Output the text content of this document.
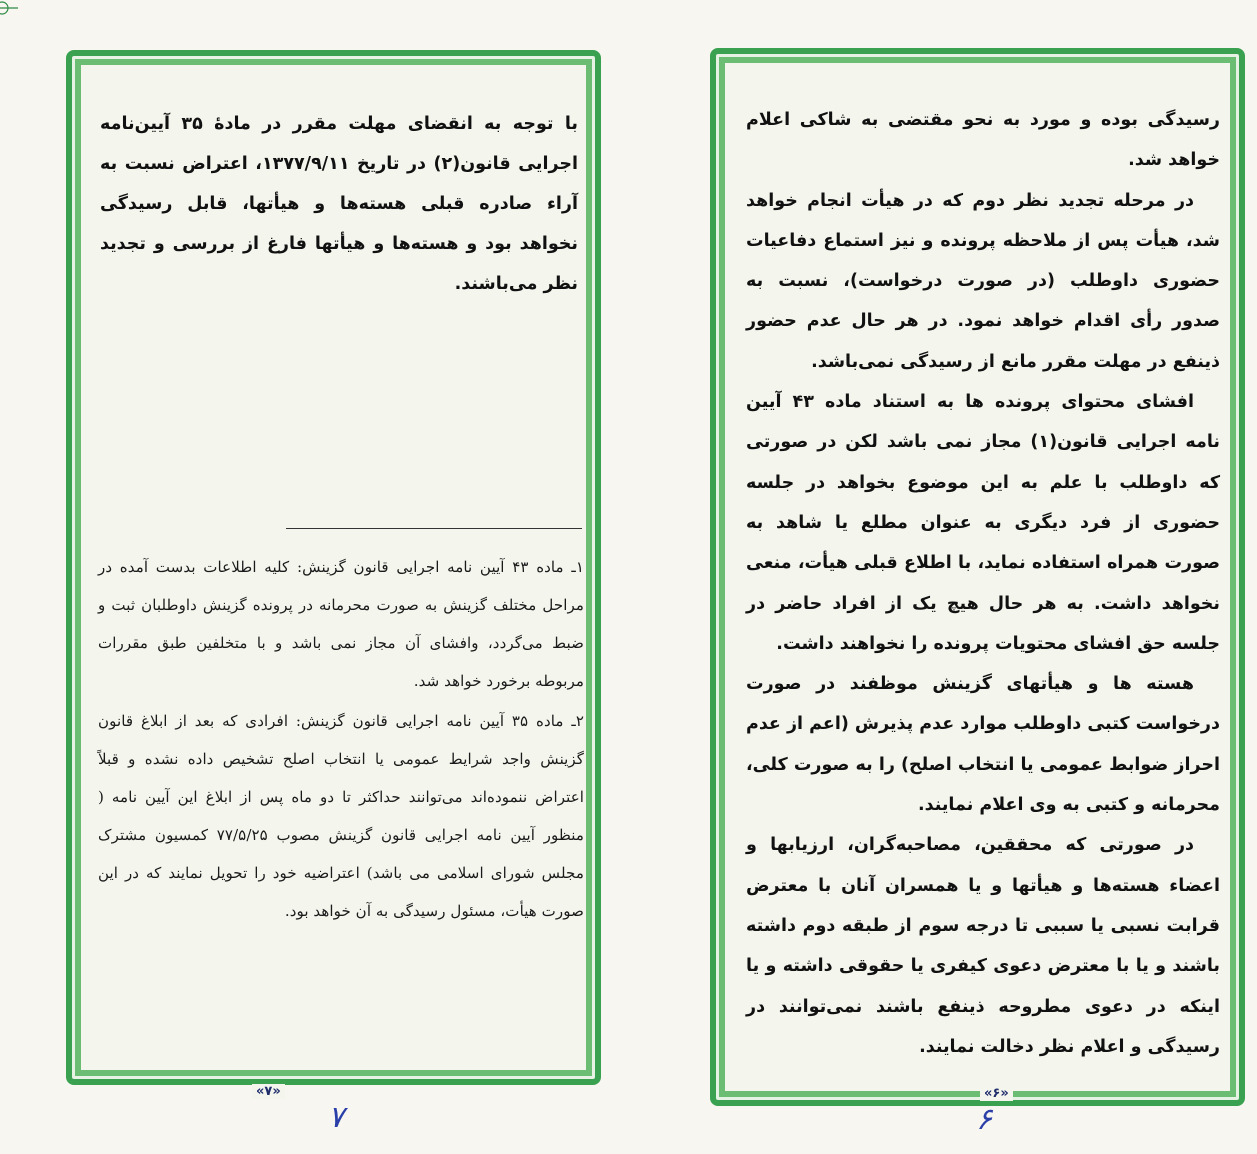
با توجه به انقضای مهلت مقرر در مادۀ ۳۵ آیین‌نامه اجرایی قانون(۲) در تاریخ ۱۳۷۷/۹/۱۱، اعتراض نسبت به آراء صادره قبلی هسته‌ها و هیأتها، قابل رسیدگی نخواهد بود و هسته‌ها و هیأتها فارغ از بررسی و تجدید نظر می‌باشند.

۱ـ ماده ۴۳ آیین نامه اجرایی قانون گزینش: کلیه اطلاعات بدست آمده در مراحل مختلف گزینش به صورت محرمانه در پرونده گزینش داوطلبان ثبت و ضبط می‌گردد، وافشای آن مجاز نمی باشد و با متخلفین طبق مقررات مربوطه برخورد خواهد شد.

۲ـ ماده ۳۵ آیین نامه اجرایی قانون گزینش: افرادی که بعد از ابلاغ قانون گزینش واجد شرایط عمومی یا انتخاب اصلح تشخیص داده نشده و قبلاً اعتراض ننموده‌اند می‌توانند حداکثر تا دو ماه پس از ابلاغ این آیین نامه ( منظور آیین نامه اجرایی قانون گزینش مصوب ۷۷/۵/۲۵ کمسیون مشترک مجلس شورای اسلامی می باشد) اعتراضیه خود را تحویل نمایند که در این صورت هیأت، مسئول رسیدگی به آن خواهد بود.

«۷»
۷

رسیدگی بوده و مورد به نحو مقتضی به شاکی اعلام خواهد شد.

در مرحله تجدید نظر دوم که در هیأت انجام خواهد شد، هیأت پس از ملاحظه پرونده و نیز استماع دفاعیات حضوری داوطلب (در صورت درخواست)، نسبت به صدور رأی اقدام خواهد نمود. در هر حال عدم حضور ذینفع در مهلت مقرر مانع از رسیدگی نمی‌باشد.

افشای محتوای پرونده ها به استناد ماده ۴۳ آیین نامه اجرایی قانون(۱) مجاز نمی باشد لکن در صورتی که داوطلب با علم به این موضوع بخواهد در جلسه حضوری از فرد دیگری به عنوان مطلع یا شاهد به صورت همراه استفاده نماید، با اطلاع قبلی هیأت، منعی نخواهد داشت. به هر حال هیچ یک از افراد حاضر در جلسه حق افشای محتویات پرونده را نخواهند داشت.

هسته ها و هیأتهای گزینش موظفند در صورت درخواست کتبی داوطلب موارد عدم پذیرش (اعم از عدم احراز ضوابط عمومی یا انتخاب اصلح) را به صورت کلی، محرمانه و کتبی به وی اعلام نمایند.

در صورتی که محققین، مصاحبه‌گران، ارزیابها و اعضاء هسته‌ها و هیأتها و یا همسران آنان با معترض قرابت نسبی یا سببی تا درجه سوم از طبقه دوم داشته باشند و یا با معترض دعوی کیفری یا حقوقی داشته و یا اینکه در دعوی مطروحه ذینفع باشند نمی‌توانند در رسیدگی و اعلام نظر دخالت نمایند.

«۶»
۶
